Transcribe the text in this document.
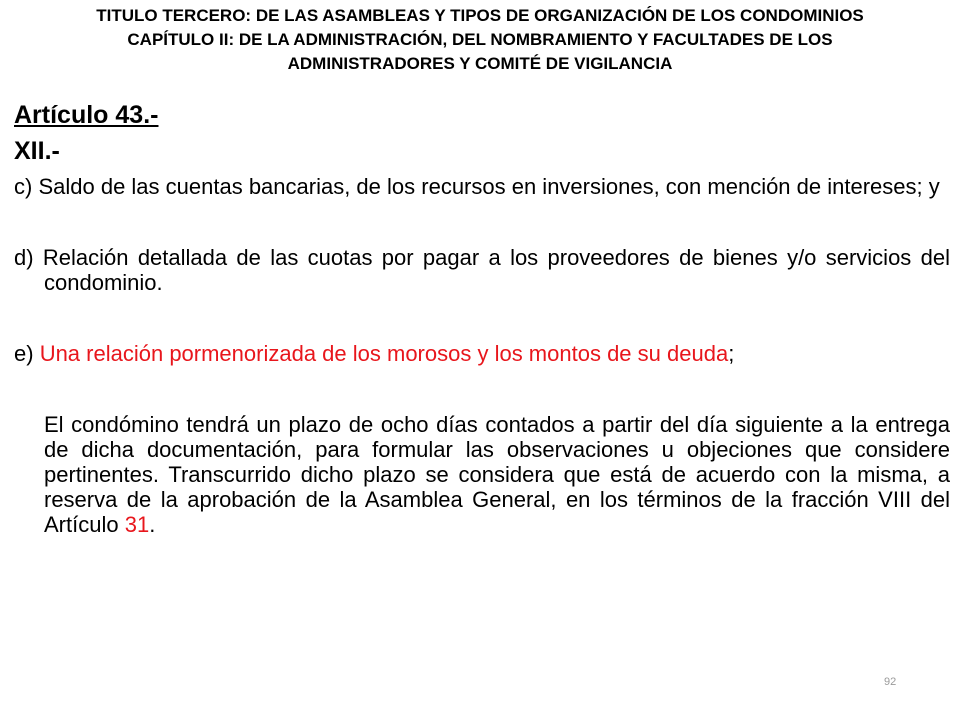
TITULO TERCERO: DE LAS ASAMBLEAS Y TIPOS DE ORGANIZACIÓN DE LOS CONDOMINIOS
CAPÍTULO II: DE LA ADMINISTRACIÓN, DEL NOMBRAMIENTO Y FACULTADES DE LOS
ADMINISTRADORES Y COMITÉ DE VIGILANCIA

Artículo 43.-

XII.-

c) Saldo de las cuentas bancarias, de los recursos en inversiones, con mención de intereses; y

d) Relación detallada de las cuotas por pagar a los proveedores de bienes y/o servicios del condominio.

e) Una relación pormenorizada de los morosos y los montos de su deuda;

El condómino tendrá un plazo de ocho días contados a partir del día siguiente a la entrega de dicha documentación, para formular las observaciones u objeciones que considere pertinentes. Transcurrido dicho plazo se considera que está de acuerdo con la misma, a reserva de la aprobación de la Asamblea General, en los términos de la fracción VIII del Artículo 31.

92
